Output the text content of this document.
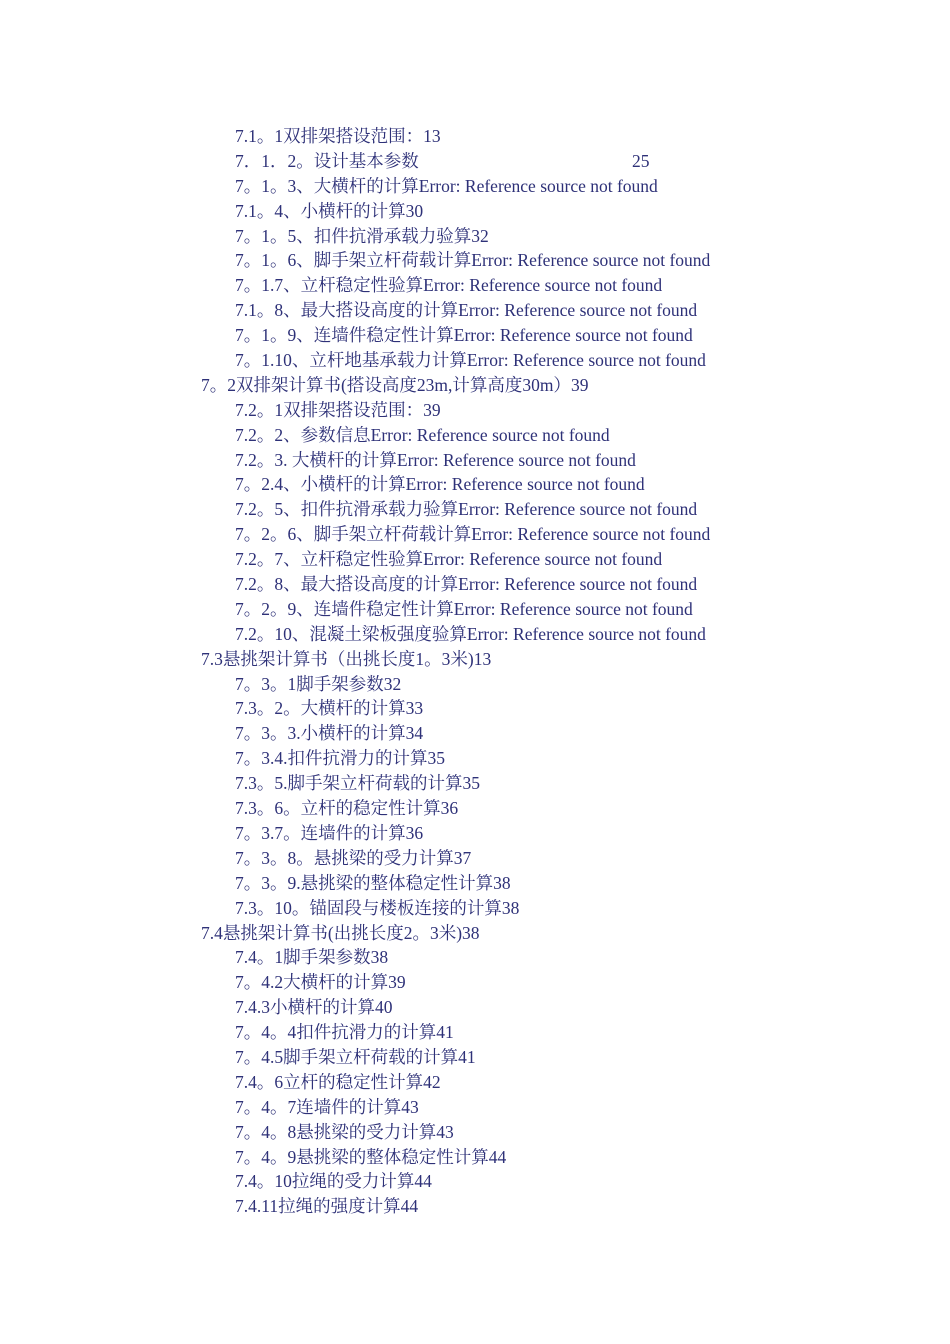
7.1。1双排架搭设范围：13
7．1．2。设计基本参数	25
7。1。3、大横杆的计算Error: Reference source not found
7.1。4、小横杆的计算30
7。1。5、扣件抗滑承载力验算32
7。1。6、脚手架立杆荷载计算Error: Reference source not found
7。1.7、立杆稳定性验算Error: Reference source not found
7.1。8、最大搭设高度的计算Error: Reference source not found
7。1。9、连墙件稳定性计算Error: Reference source not found
7。1.10、立杆地基承载力计算Error: Reference source not found
7。2双排架计算书(搭设高度23m,计算高度30m）39
7.2。1双排架搭设范围：39
7.2。2、参数信息Error: Reference source not found
7.2。3. 大横杆的计算Error: Reference source not found
7。2.4、小横杆的计算Error: Reference source not found
7.2。5、扣件抗滑承载力验算Error: Reference source not found
7。2。6、脚手架立杆荷载计算Error: Reference source not found
7.2。7、立杆稳定性验算Error: Reference source not found
7.2。8、最大搭设高度的计算Error: Reference source not found
7。2。9、连墙件稳定性计算Error: Reference source not found
7.2。10、混凝土梁板强度验算Error: Reference source not found
7.3悬挑架计算书（出挑长度1。3米)13
7。3。1脚手架参数32
7.3。2。大横杆的计算33
7。3。3.小横杆的计算34
7。3.4.扣件抗滑力的计算35
7.3。5.脚手架立杆荷载的计算35
7.3。6。立杆的稳定性计算36
7。3.7。连墙件的计算36
7。3。8。悬挑梁的受力计算37
7。3。9.悬挑梁的整体稳定性计算38
7.3。10。锚固段与楼板连接的计算38
7.4悬挑架计算书(出挑长度2。3米)38
7.4。1脚手架参数38
7。4.2大横杆的计算39
7.4.3小横杆的计算40
7。4。4扣件抗滑力的计算41
7。4.5脚手架立杆荷载的计算41
7.4。6立杆的稳定性计算42
7。4。7连墙件的计算43
7。4。8悬挑梁的受力计算43
7。4。9悬挑梁的整体稳定性计算44
7.4。10拉绳的受力计算44
7.4.11拉绳的强度计算44
